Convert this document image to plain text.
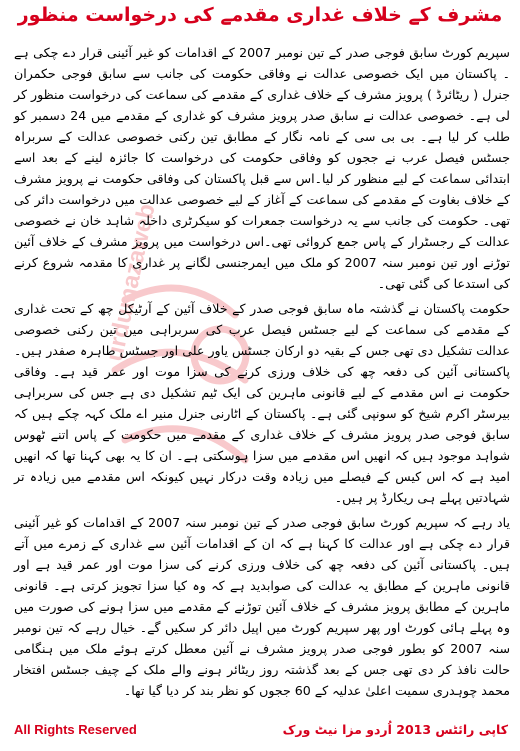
مشرف کے خلاف غداری مقدمے کی درخواست منظور
urdumazaweb

سپریم کورٹ سابق فوجی صدر کے تین نومبر 2007 کے اقدامات کو غیر آئینی قرار دے چکی ہے ۔ پاکستان میں ایک خصوصی عدالت نے وفاقی حکومت کی جانب سے سابق فوجی حکمران جنرل ( ریٹائرڈ ) پرویز مشرف کے خلاف غداری کے مقدمے کی سماعت کی درخواست منظور کر لی ہے۔ خصوصی عدالت نے سابق صدر پرویز مشرف کو غداری کے مقدمے میں 24 دسمبر کو طلب کر لیا ہے۔ بی بی سی کے نامہ نگار کے مطابق تین رکنی خصوصی عدالت کے سربراہ جسٹس فیصل عرب نے ججوں کو وفاقی حکومت کی درخواست کا جائزہ لینے کے بعد اسے ابتدائی سماعت کے لیے منظور کر لیا۔اس سے قبل پاکستان کی وفاقی حکومت نے پرویز مشرف کے خلاف بغاوت کے مقدمے کی سماعت کے آغاز کے لیے خصوصی عدالت میں درخواست دائر کی تھی۔ حکومت کی جانب سے یہ درخواست جمعرات کو سیکرٹری داخلہ شاہد خان نے خصوصی عدالت کے رجسٹرار کے پاس جمع کروائی تھی۔اس درخواست میں پرویز مشرف کے خلاف آئین توڑنے اور تین نومبر سنہ 2007 کو ملک میں ایمرجنسی لگانے پر غداری کا مقدمہ شروع کرنے کی استدعا کی گئی تھی۔

حکومت پاکستان نے گذشتہ ماہ سابق فوجی صدر کے خلاف آئین کے آرٹیکل چھ کے تحت غداری کے مقدمے کی سماعت کے لیے جسٹس فیصل عرب کی سربراہی میں تین رکنی خصوصی عدالت تشکیل دی تھی جس کے بقیہ دو ارکان جسٹس یاور علی اور جسٹس طاہرہ صفدر ہیں۔ پاکستانی آئین کی دفعہ چھ کی خلاف ورزی کرنے کی سزا موت اور عمر قید ہے۔ وفاقی حکومت نے اس مقدمے کے لیے قانونی ماہرین کی ایک ٹیم تشکیل دی ہے جس کی سربراہی بیرسٹر اکرم شیخ کو سونپی گئی ہے۔ پاکستان کے اٹارنی جنرل منیر اے ملک کہہ چکے ہیں کہ سابق فوجی صدر پرویز مشرف کے خلاف غداری کے مقدمے میں حکومت کے پاس اتنے ٹھوس شواہد موجود ہیں کہ انھیں اس مقدمے میں سزا ہوسکتی ہے۔ ان کا یہ بھی کہنا تھا کہ انھیں امید ہے کہ اس کیس کے فیصلے میں زیادہ وقت درکار نہیں کیونکہ اس مقدمے میں زیادہ تر شہادتیں پہلے ہی ریکارڈ پر ہیں۔

یاد رہے کہ سپریم کورٹ سابق فوجی صدر کے تین نومبر سنہ 2007 کے اقدامات کو غیر آئینی قرار دے چکی ہے اور عدالت کا کہنا ہے کہ ان کے اقدامات آئین سے غداری کے زمرے میں آتے ہیں۔ پاکستانی آئین کی دفعہ چھ کی خلاف ورزی کرنے کی سزا موت اور عمر قید ہے اور قانونی ماہرین کے مطابق یہ عدالت کی صوابدید ہے کہ وہ کیا سزا تجویز کرتی ہے۔ قانونی ماہرین کے مطابق پرویز مشرف کے خلاف آئین توڑنے کے مقدمے میں سزا ہونے کی صورت میں وہ پہلے ہائی کورٹ اور پھر سپریم کورٹ میں اپیل دائر کر سکیں گے۔ خیال رہے کہ تین نومبر سنہ 2007 کو بطور فوجی صدر پرویز مشرف نے آئین معطل کرتے ہوئے ملک میں ہنگامی حالت نافذ کر دی تھی جس کے بعد گذشتہ روز ریٹائر ہونے والے ملک کے چیف جسٹس افتخار محمد چوہدری سمیت اعلیٰ عدلیہ کے 60 ججوں کو نظر بند کر دیا گیا تھا۔

All Rights Reserved	کاپی رائٹس 2013 اُردو مزا نیٹ ورک
